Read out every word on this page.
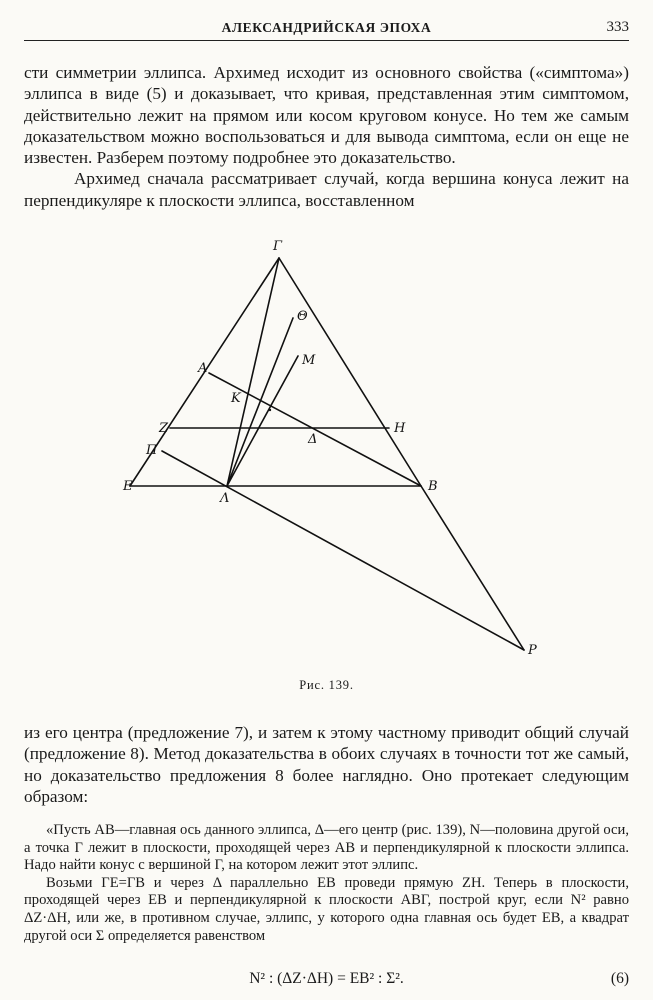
АЛЕКСАНДРИЙСКАЯ ЭПОХА	333

сти симметрии эллипса. Архимед исходит из основного свойства («симптома») эллипса в виде (5) и доказывает, что кривая, представленная этим симптомом, действительно лежит на прямом или косом круговом конусе. Но тем же самым доказательством можно воспользоваться и для вывода симптома, если он еще не известен. Разберем поэтому подробнее это доказательство.

Архимед сначала рассматривает случай, когда вершина конуса лежит на перпендикуляре к плоскости эллипса, восставленном

Γ
Θ
M
A
K
Z
Δ
H
Π
E
Λ
B
P
Рис. 139.

из его центра (предложение 7), и затем к этому частному приводит общий случай (предложение 8). Метод доказательства в обоих случаях в точности тот же самый, но доказательство предложения 8 более наглядно. Оно протекает следующим образом:

«Пусть AB—главная ось данного эллипса, Δ—его центр (рис. 139), N—половина другой оси, а точка Γ лежит в плоскости, проходящей через AB и перпендикулярной к плоскости эллипса. Надо найти конус с вершиной Γ, на котором лежит этот эллипс.

Возьми ΓE=ΓB и через Δ параллельно EB проведи прямую ZH. Теперь в плоскости, проходящей через EB и перпендикулярной к плоскости ABΓ, построй круг, если N² равно ΔZ·ΔH, или же, в противном случае, эллипс, у которого одна главная ось будет EB, а квадрат другой оси Σ определяется равенством

N² : (ΔZ·ΔH) = EB² : Σ².	(6)
